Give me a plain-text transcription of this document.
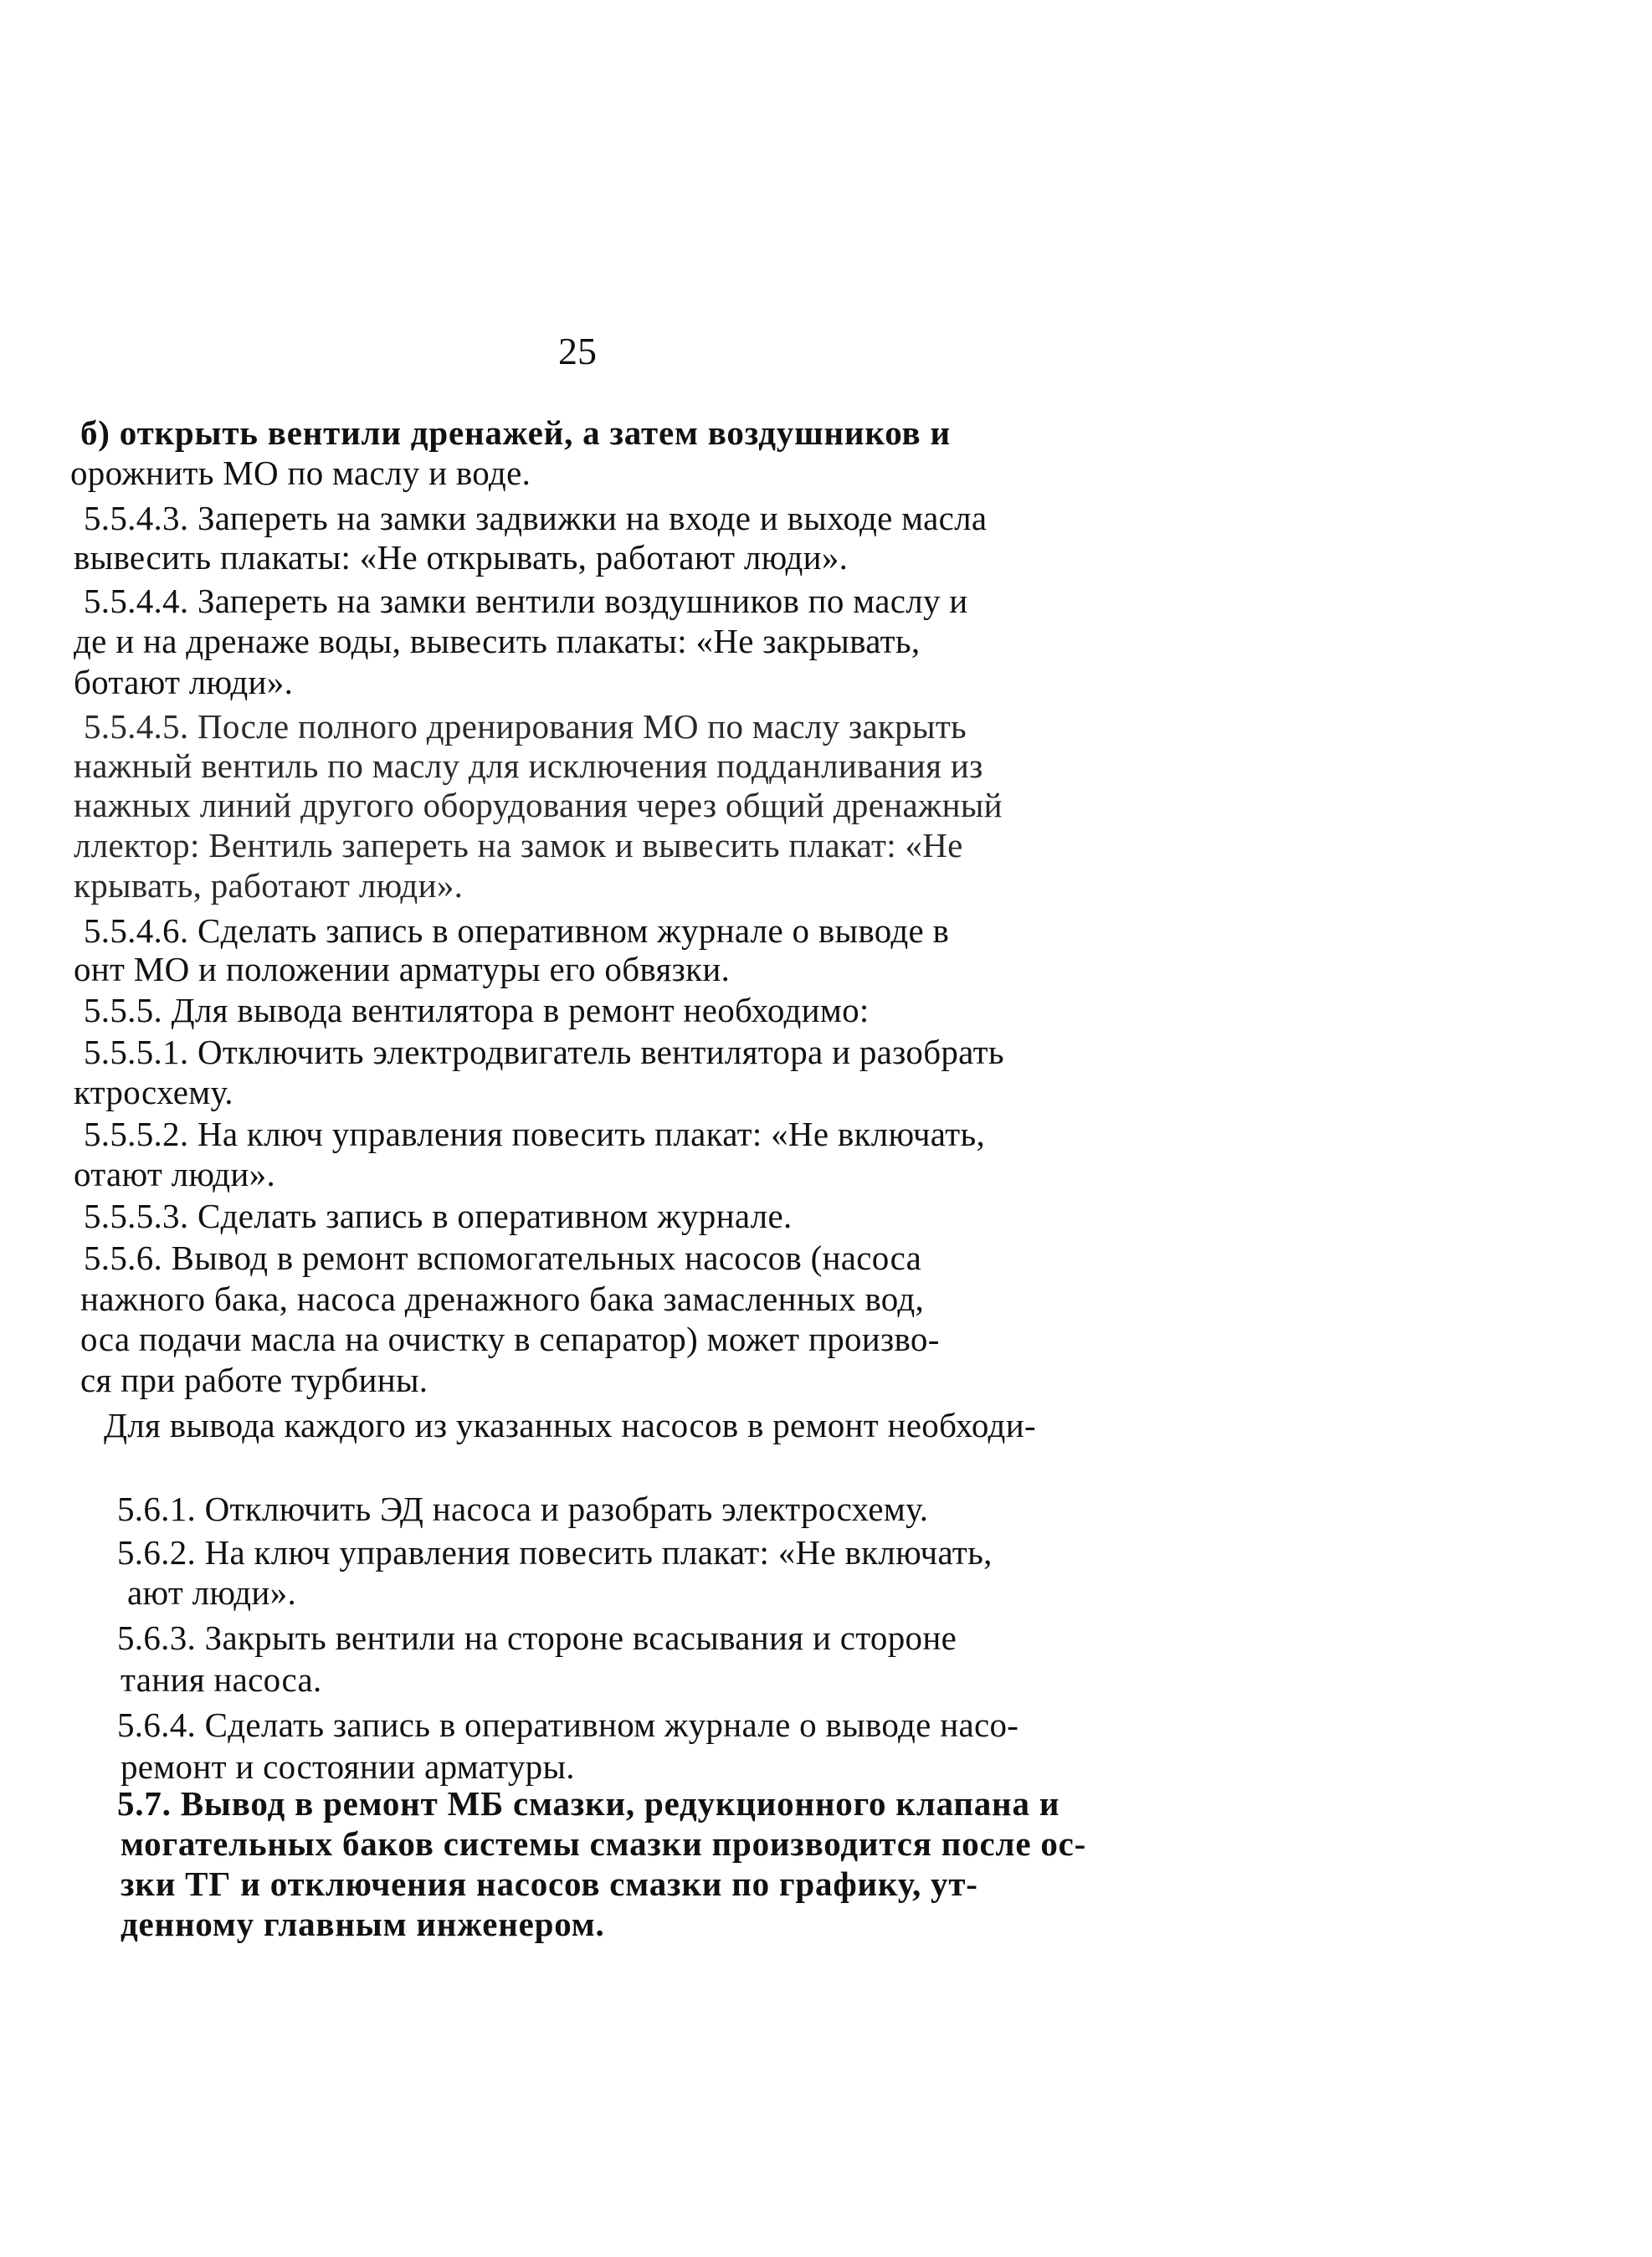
25
б) открыть вентили дренажей, а затем воздушников и
орожнить МО по маслу и воде.
5.5.4.3. Запереть на замки задвижки на входе и выходе масла
вывесить плакаты: «Не открывать, работают люди».
5.5.4.4. Запереть на замки вентили воздушников по маслу и
де и на дренаже воды, вывесить плакаты: «Не закрывать,
ботают люди».
5.5.4.5. После полного дренирования МО по маслу закрыть
нажный вентиль по маслу для исключения подданливания из
нажных линий другого оборудования через общий дренажный
ллектор: Вентиль запереть на замок и вывесить плакат: «Не
крывать, работают люди».
5.5.4.6. Сделать запись в оперативном журнале о выводе в
онт МО и положении арматуры его обвязки.
5.5.5. Для вывода вентилятора в ремонт необходимо:
5.5.5.1. Отключить электродвигатель вентилятора и разобрать
ктросхему.
5.5.5.2. На ключ управления повесить плакат: «Не включать,
отают люди».
5.5.5.3. Сделать запись в оперативном журнале.
5.5.6. Вывод в ремонт вспомогательных насосов (насоса
нажного бака, насоса дренажного бака замасленных вод,
оса подачи масла на очистку в сепаратор) может произво-
ся при работе турбины.
Для вывода каждого из указанных насосов в ремонт необходи-
5.6.1. Отключить ЭД насоса и разобрать электросхему.
5.6.2. На ключ управления повесить плакат: «Не включать,
ают люди».
5.6.3. Закрыть вентили на стороне всасывания и стороне
тания насоса.
5.6.4. Сделать запись в оперативном журнале о выводе насо-
ремонт и состоянии арматуры.
5.7. Вывод в ремонт МБ смазки, редукционного клапана и
могательных баков системы смазки производится после ос-
зки ТГ и отключения насосов смазки по графику, ут-
денному главным инженером.
